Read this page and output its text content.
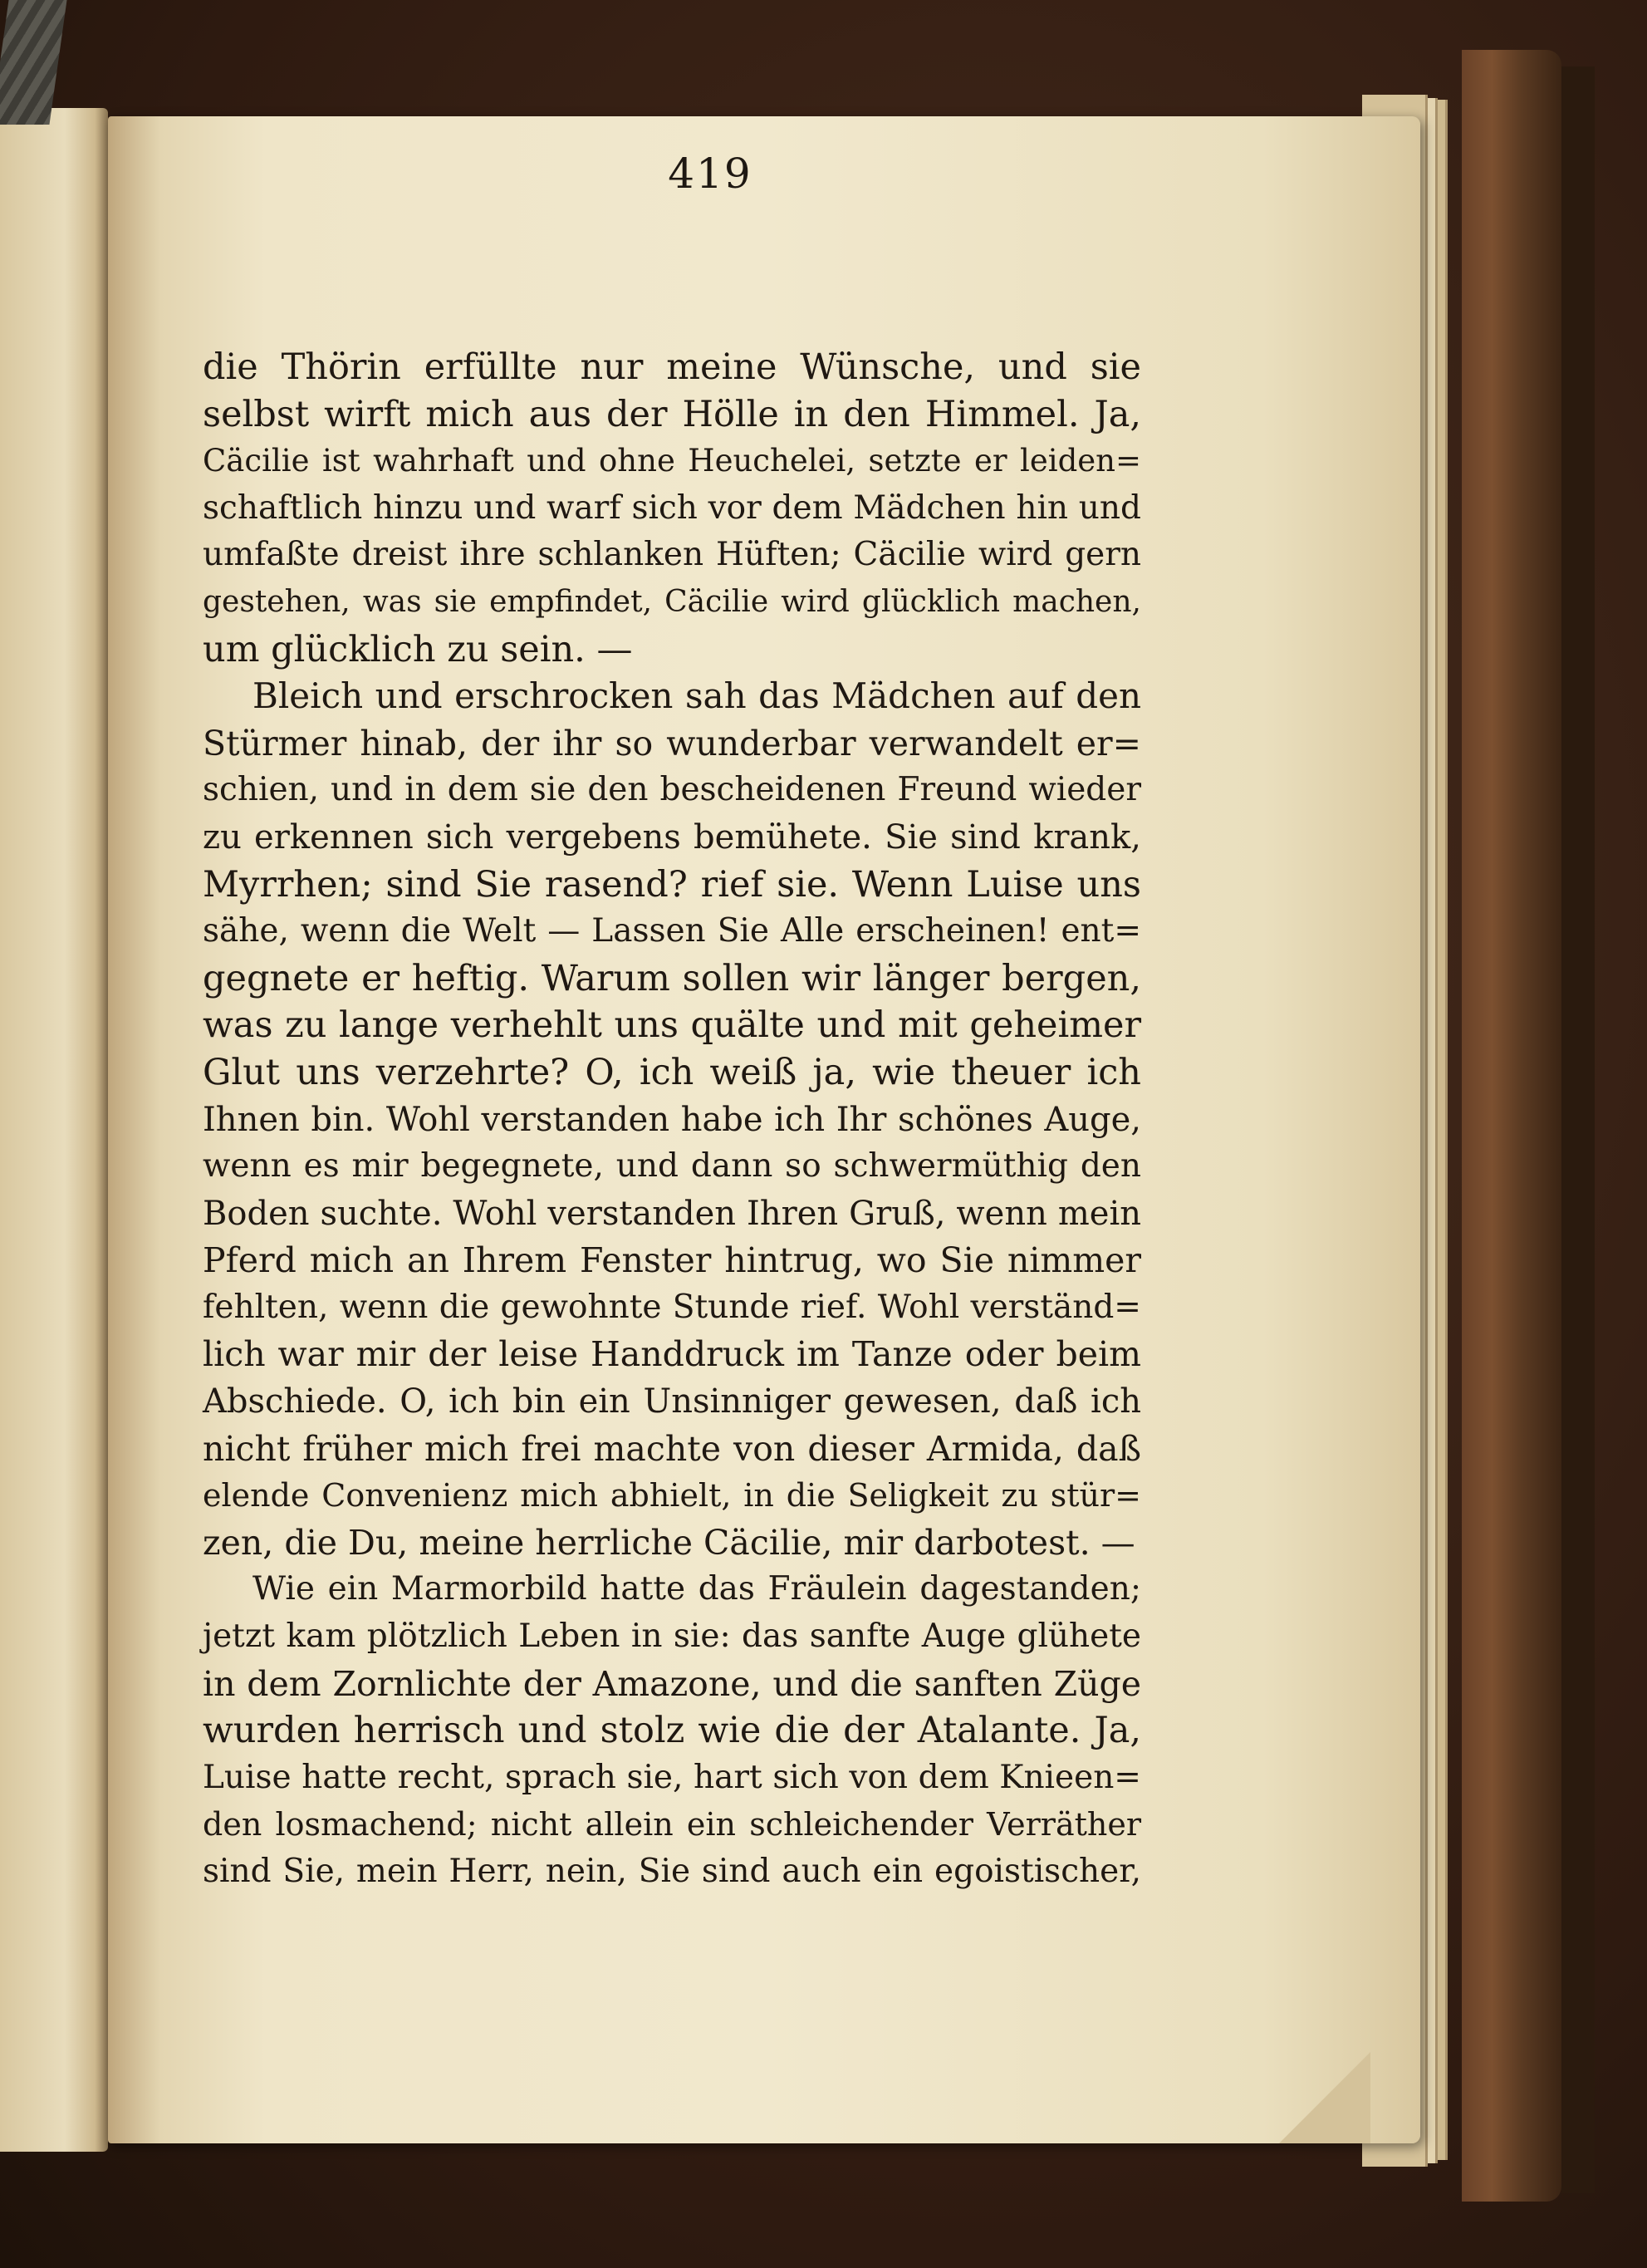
419
die Thörin erfüllte nur meine Wünsche, und sie
selbst wirft mich aus der Hölle in den Himmel. Ja,
Cäcilie ist wahrhaft und ohne Heuchelei, setzte er leiden=
schaftlich hinzu und warf sich vor dem Mädchen hin und
umfaßte dreist ihre schlanken Hüften; Cäcilie wird gern
gestehen, was sie empfindet, Cäcilie wird glücklich machen,
um glücklich zu sein. —
Bleich und erschrocken sah das Mädchen auf den
Stürmer hinab, der ihr so wunderbar verwandelt er=
schien, und in dem sie den bescheidenen Freund wieder
zu erkennen sich vergebens bemühete. Sie sind krank,
Myrrhen; sind Sie rasend? rief sie. Wenn Luise uns
sähe, wenn die Welt — Lassen Sie Alle erscheinen! ent=
gegnete er heftig. Warum sollen wir länger bergen,
was zu lange verhehlt uns quälte und mit geheimer
Glut uns verzehrte? O, ich weiß ja, wie theuer ich
Ihnen bin. Wohl verstanden habe ich Ihr schönes Auge,
wenn es mir begegnete, und dann so schwermüthig den
Boden suchte. Wohl verstanden Ihren Gruß, wenn mein
Pferd mich an Ihrem Fenster hintrug, wo Sie nimmer
fehlten, wenn die gewohnte Stunde rief. Wohl verständ=
lich war mir der leise Handdruck im Tanze oder beim
Abschiede. O, ich bin ein Unsinniger gewesen, daß ich
nicht früher mich frei machte von dieser Armida, daß
elende Convenienz mich abhielt, in die Seligkeit zu stür=
zen, die Du, meine herrliche Cäcilie, mir darbotest. —
Wie ein Marmorbild hatte das Fräulein dagestanden;
jetzt kam plötzlich Leben in sie: das sanfte Auge glühete
in dem Zornlichte der Amazone, und die sanften Züge
wurden herrisch und stolz wie die der Atalante. Ja,
Luise hatte recht, sprach sie, hart sich von dem Knieen=
den losmachend; nicht allein ein schleichender Verräther
sind Sie, mein Herr, nein, Sie sind auch ein egoistischer,
